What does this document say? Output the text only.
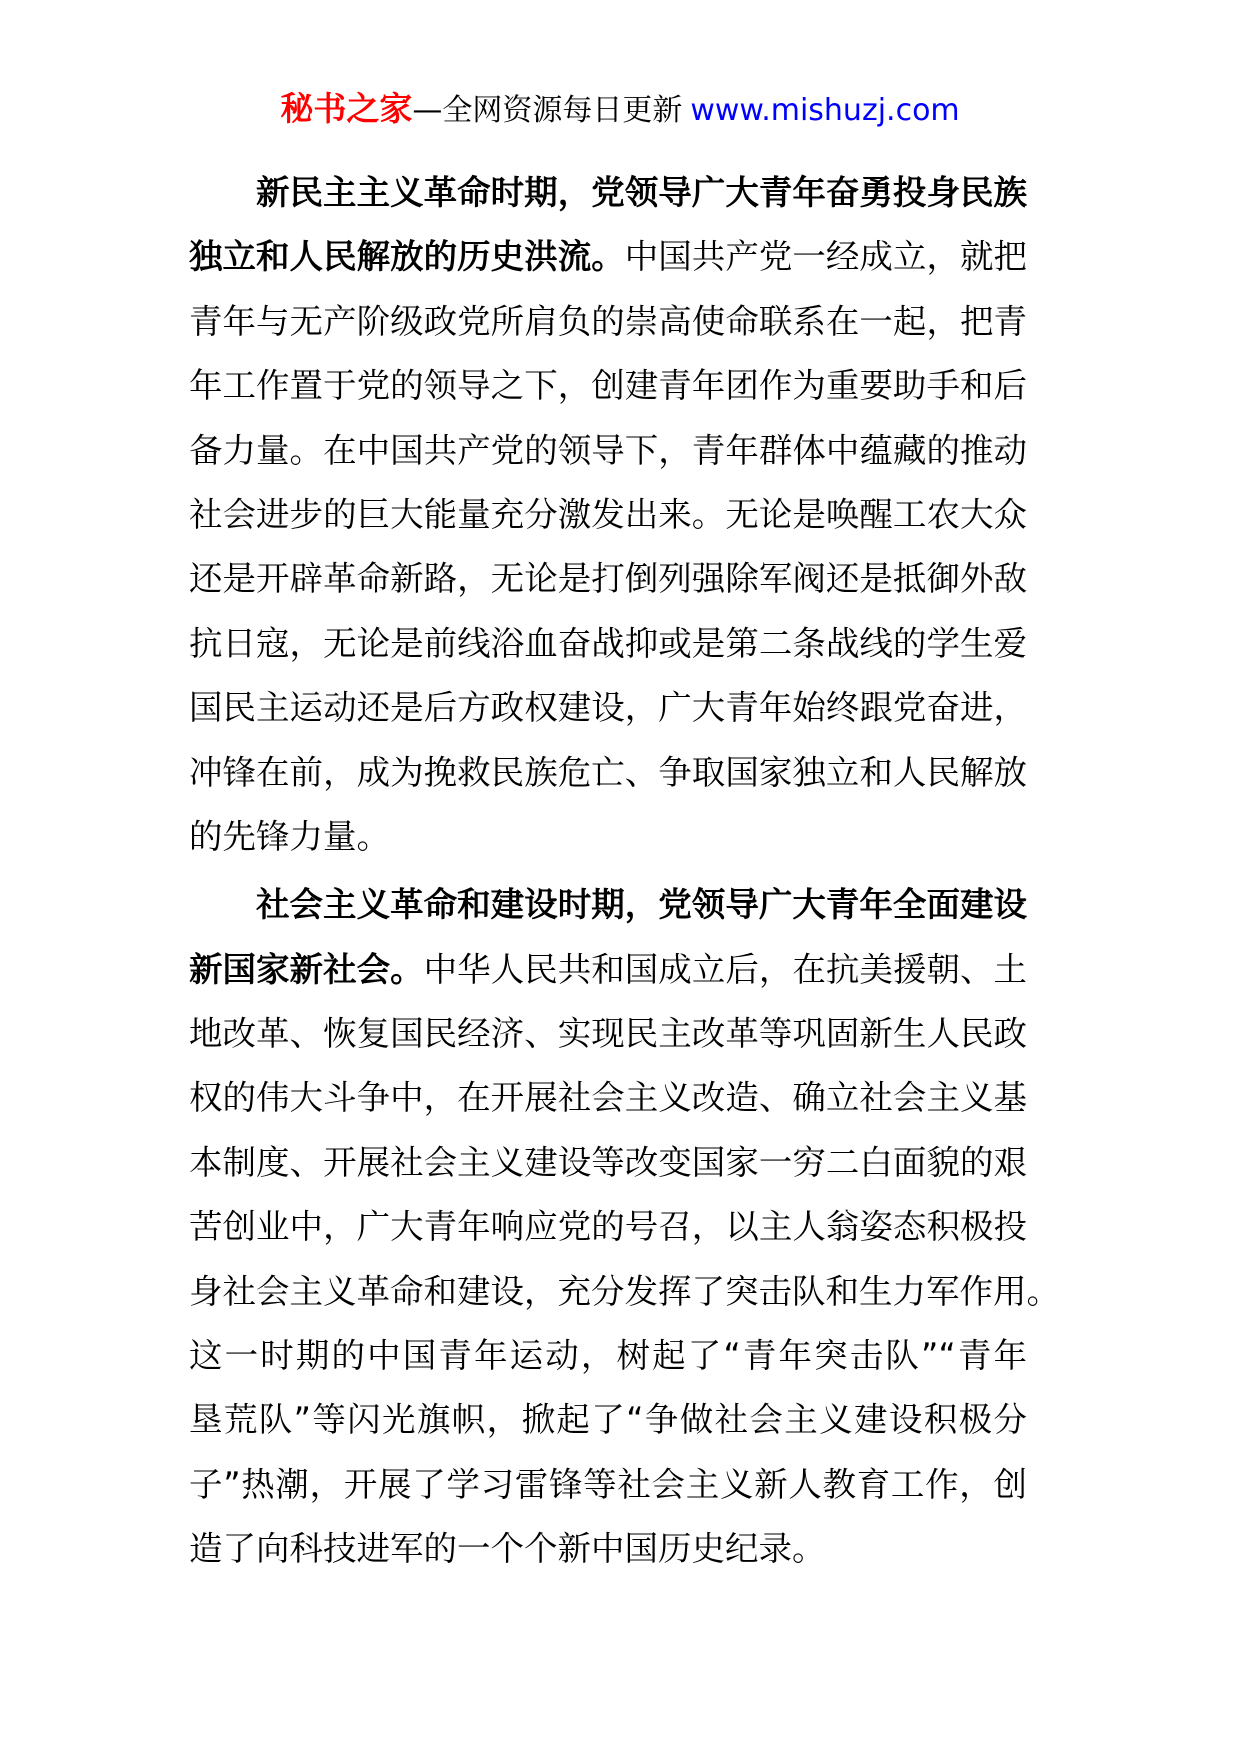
秘书之家—全网资源每日更新 www.mishuzj.com
新民主主义革命时期，党领导广大青年奋勇投身民族
独立和人民解放的历史洪流。中国共产党一经成立，就把
青年与无产阶级政党所肩负的崇高使命联系在一起，把青
年工作置于党的领导之下，创建青年团作为重要助手和后
备力量。在中国共产党的领导下，青年群体中蕴藏的推动
社会进步的巨大能量充分激发出来。无论是唤醒工农大众
还是开辟革命新路，无论是打倒列强除军阀还是抵御外敌
抗日寇，无论是前线浴血奋战抑或是第二条战线的学生爱
国民主运动还是后方政权建设，广大青年始终跟党奋进，
冲锋在前，成为挽救民族危亡、争取国家独立和人民解放
的先锋力量。
社会主义革命和建设时期，党领导广大青年全面建设
新国家新社会。中华人民共和国成立后，在抗美援朝、土
地改革、恢复国民经济、实现民主改革等巩固新生人民政
权的伟大斗争中，在开展社会主义改造、确立社会主义基
本制度、开展社会主义建设等改变国家一穷二白面貌的艰
苦创业中，广大青年响应党的号召，以主人翁姿态积极投
身社会主义革命和建设，充分发挥了突击队和生力军作用。
这一时期的中国青年运动，树起了“青年突击队”“青年
垦荒队”等闪光旗帜，掀起了“争做社会主义建设积极分
子”热潮，开展了学习雷锋等社会主义新人教育工作，创
造了向科技进军的一个个新中国历史纪录。
